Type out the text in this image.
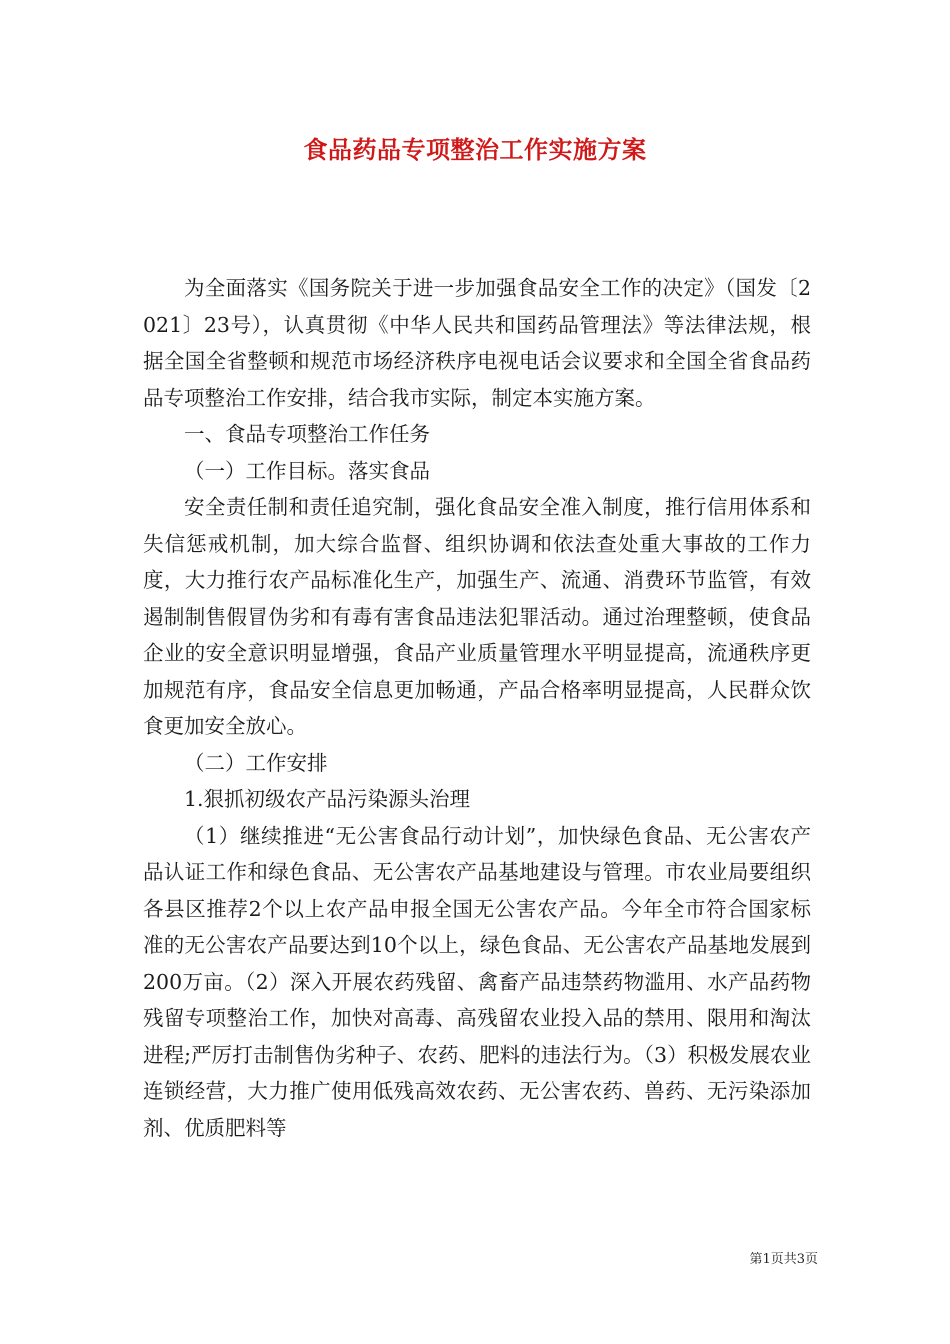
食品药品专项整治工作实施方案

为全面落实《国务院关于进一步加强食品安全工作的决定》（国发〔2021〕23号），认真贯彻《中华人民共和国药品管理法》等法律法规，根据全国全省整顿和规范市场经济秩序电视电话会议要求和全国全省食品药品专项整治工作安排，结合我市实际，制定本实施方案。

一、食品专项整治工作任务

（一）工作目标。落实食品

安全责任制和责任追究制，强化食品安全准入制度，推行信用体系和失信惩戒机制，加大综合监督、组织协调和依法查处重大事故的工作力度，大力推行农产品标准化生产，加强生产、流通、消费环节监管，有效遏制制售假冒伪劣和有毒有害食品违法犯罪活动。通过治理整顿，使食品企业的安全意识明显增强，食品产业质量管理水平明显提高，流通秩序更加规范有序，食品安全信息更加畅通，产品合格率明显提高，人民群众饮食更加安全放心。

（二）工作安排

1.狠抓初级农产品污染源头治理

（1）继续推进“无公害食品行动计划”，加快绿色食品、无公害农产品认证工作和绿色食品、无公害农产品基地建设与管理。市农业局要组织各县区推荐2个以上农产品申报全国无公害农产品。今年全市符合国家标准的无公害农产品要达到10个以上，绿色食品、无公害农产品基地发展到200万亩。（2）深入开展农药残留、禽畜产品违禁药物滥用、水产品药物残留专项整治工作，加快对高毒、高残留农业投入品的禁用、限用和淘汰进程;严厉打击制售伪劣种子、农药、肥料的违法行为。（3）积极发展农业连锁经营，大力推广使用低残高效农药、无公害农药、兽药、无污染添加剂、优质肥料等

第1页共3页
